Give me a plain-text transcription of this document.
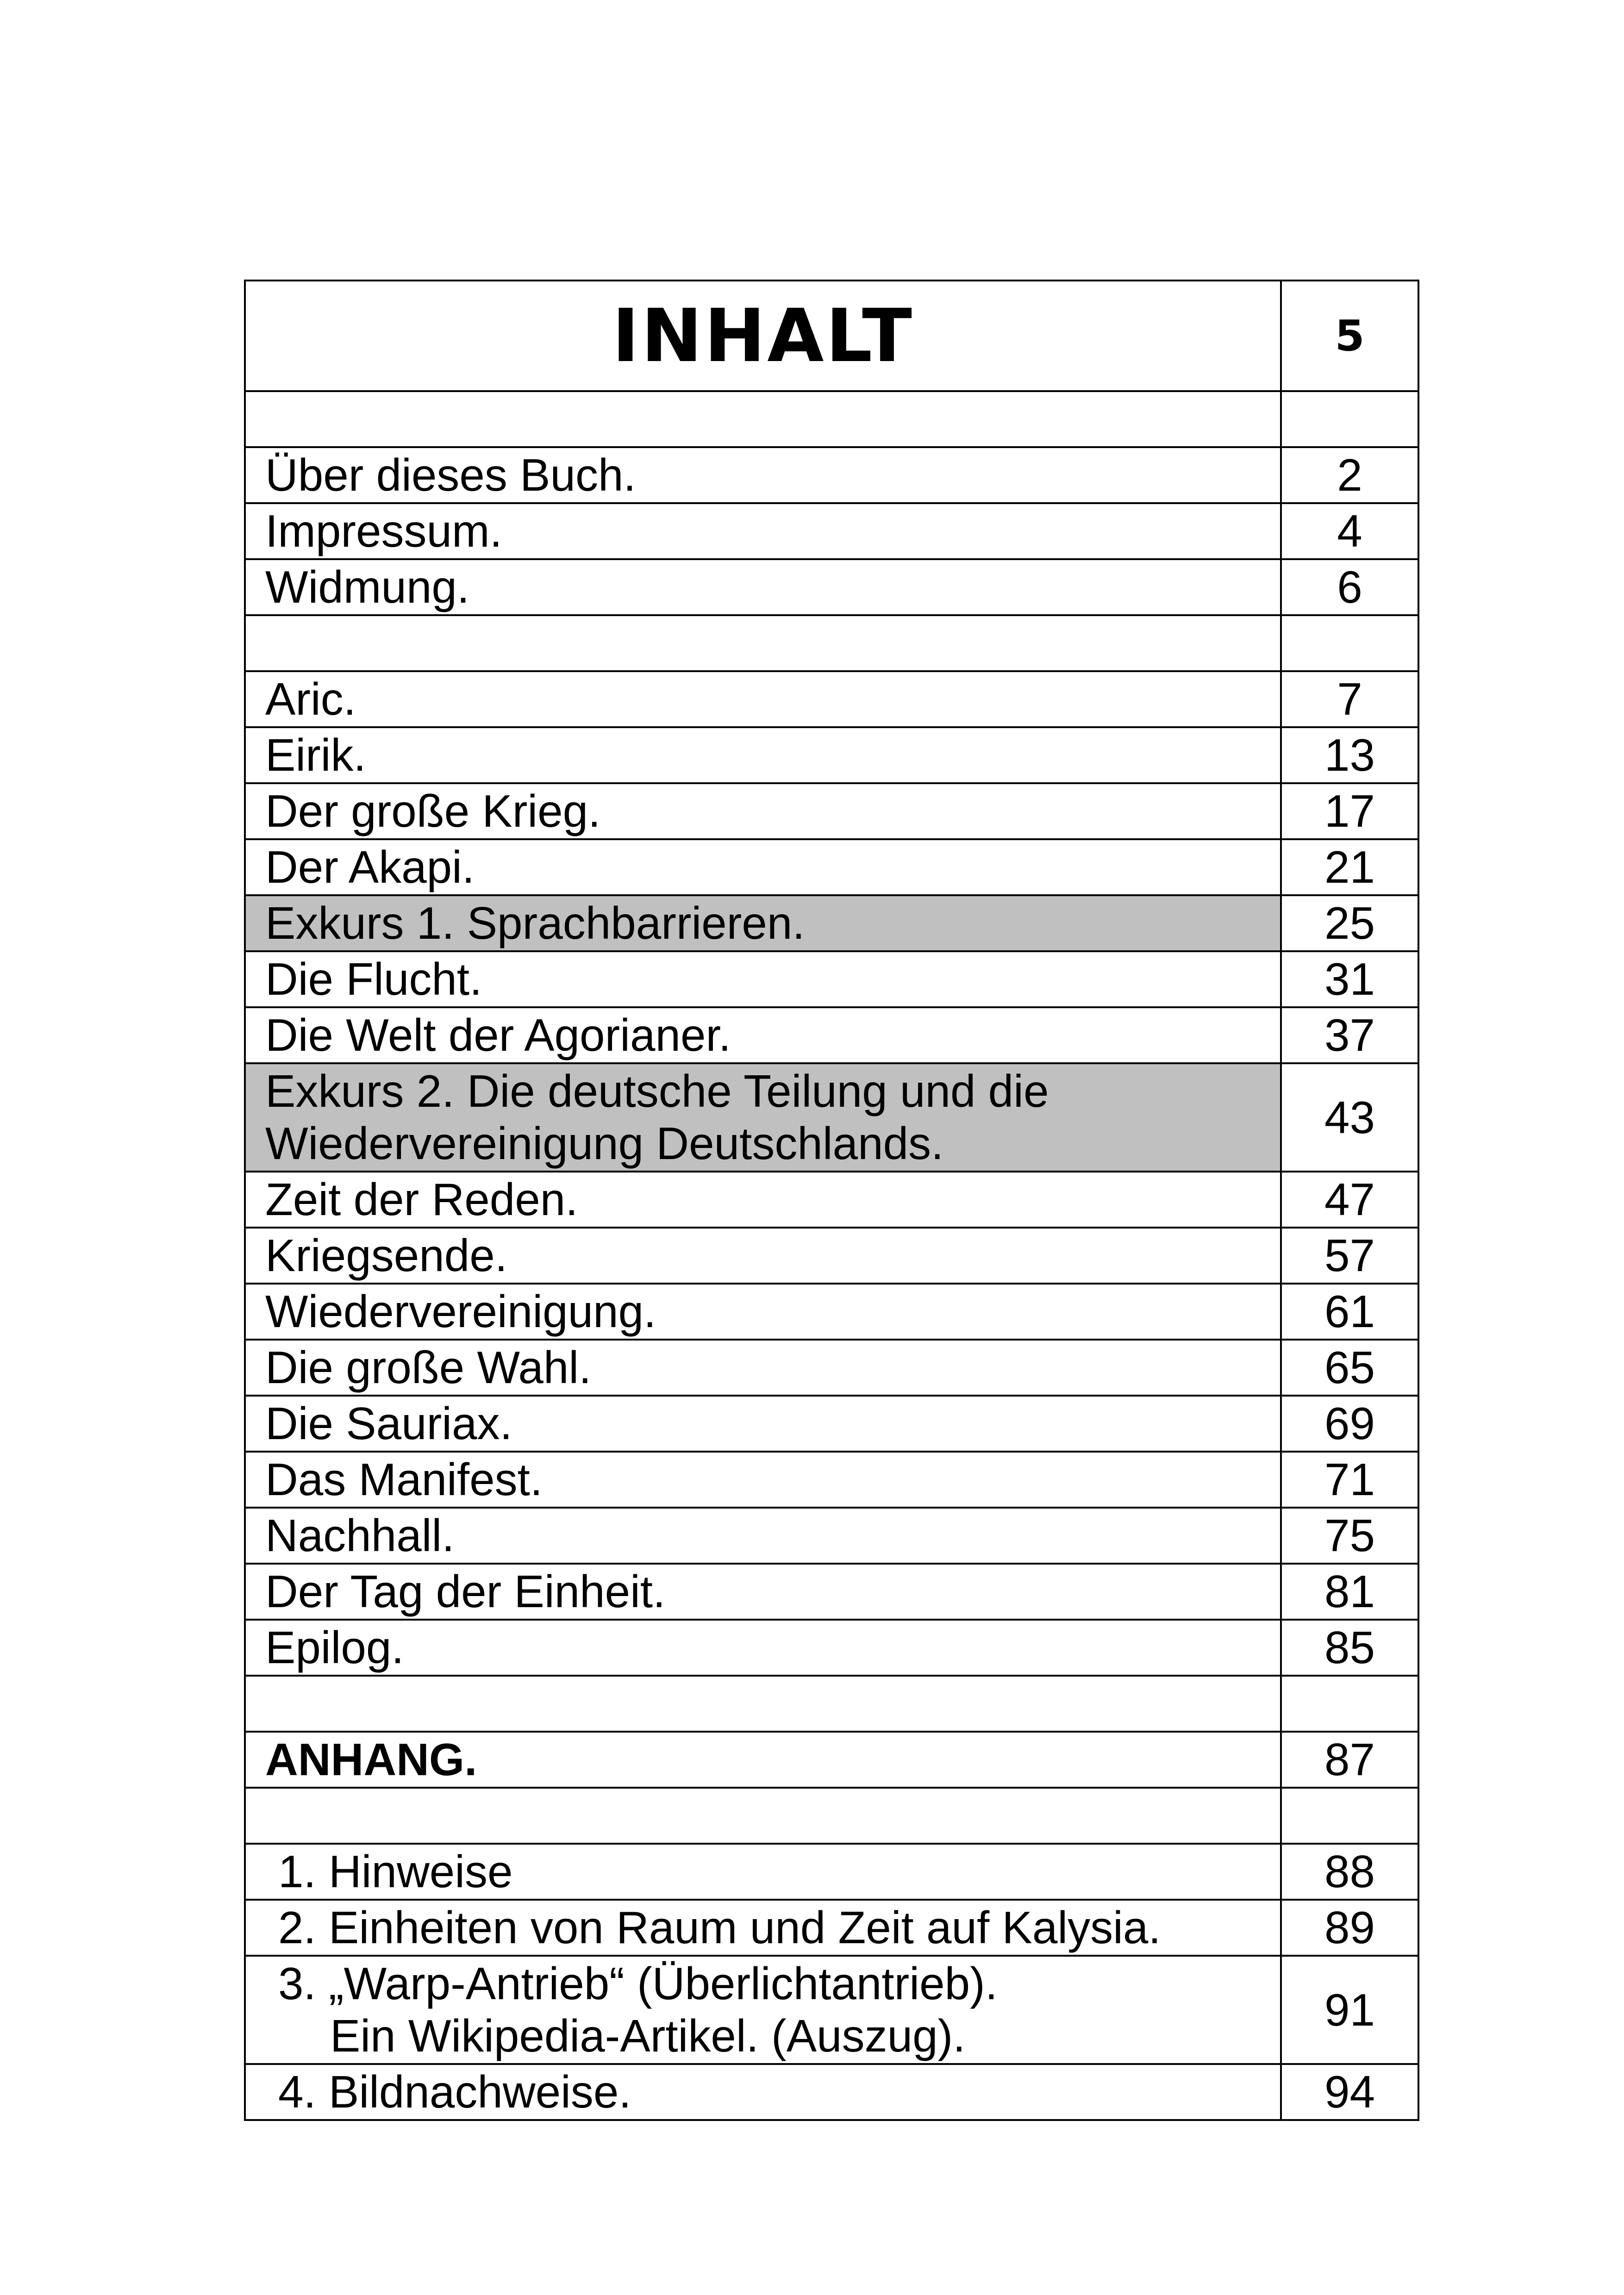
INHALT	5

Über dieses Buch.	2
Impressum.	4
Widmung.	6

Aric.	7
Eirik.	13
Der große Krieg.	17
Der Akapi.	21
Exkurs 1. Sprachbarrieren.	25
Die Flucht.	31
Die Welt der Agorianer.	37

Exkurs 2. Die deutsche Teilung und die
Wiedervereinigung Deutschlands.	43
Zeit der Reden.	47
Kriegsende.	57
Wiedervereinigung.	61
Die große Wahl.	65
Die Sauriax.	69
Das Manifest.	71
Nachhall.	75
Der Tag der Einheit.	81
Epilog.	85

ANHANG.	87

1. Hinweise	88
2. Einheiten von Raum und Zeit auf Kalysia.	89

3. „Warp-Antrieb“ (Überlichtantrieb).
Ein Wikipedia-Artikel. (Auszug).	91
4. Bildnachweise.	94
